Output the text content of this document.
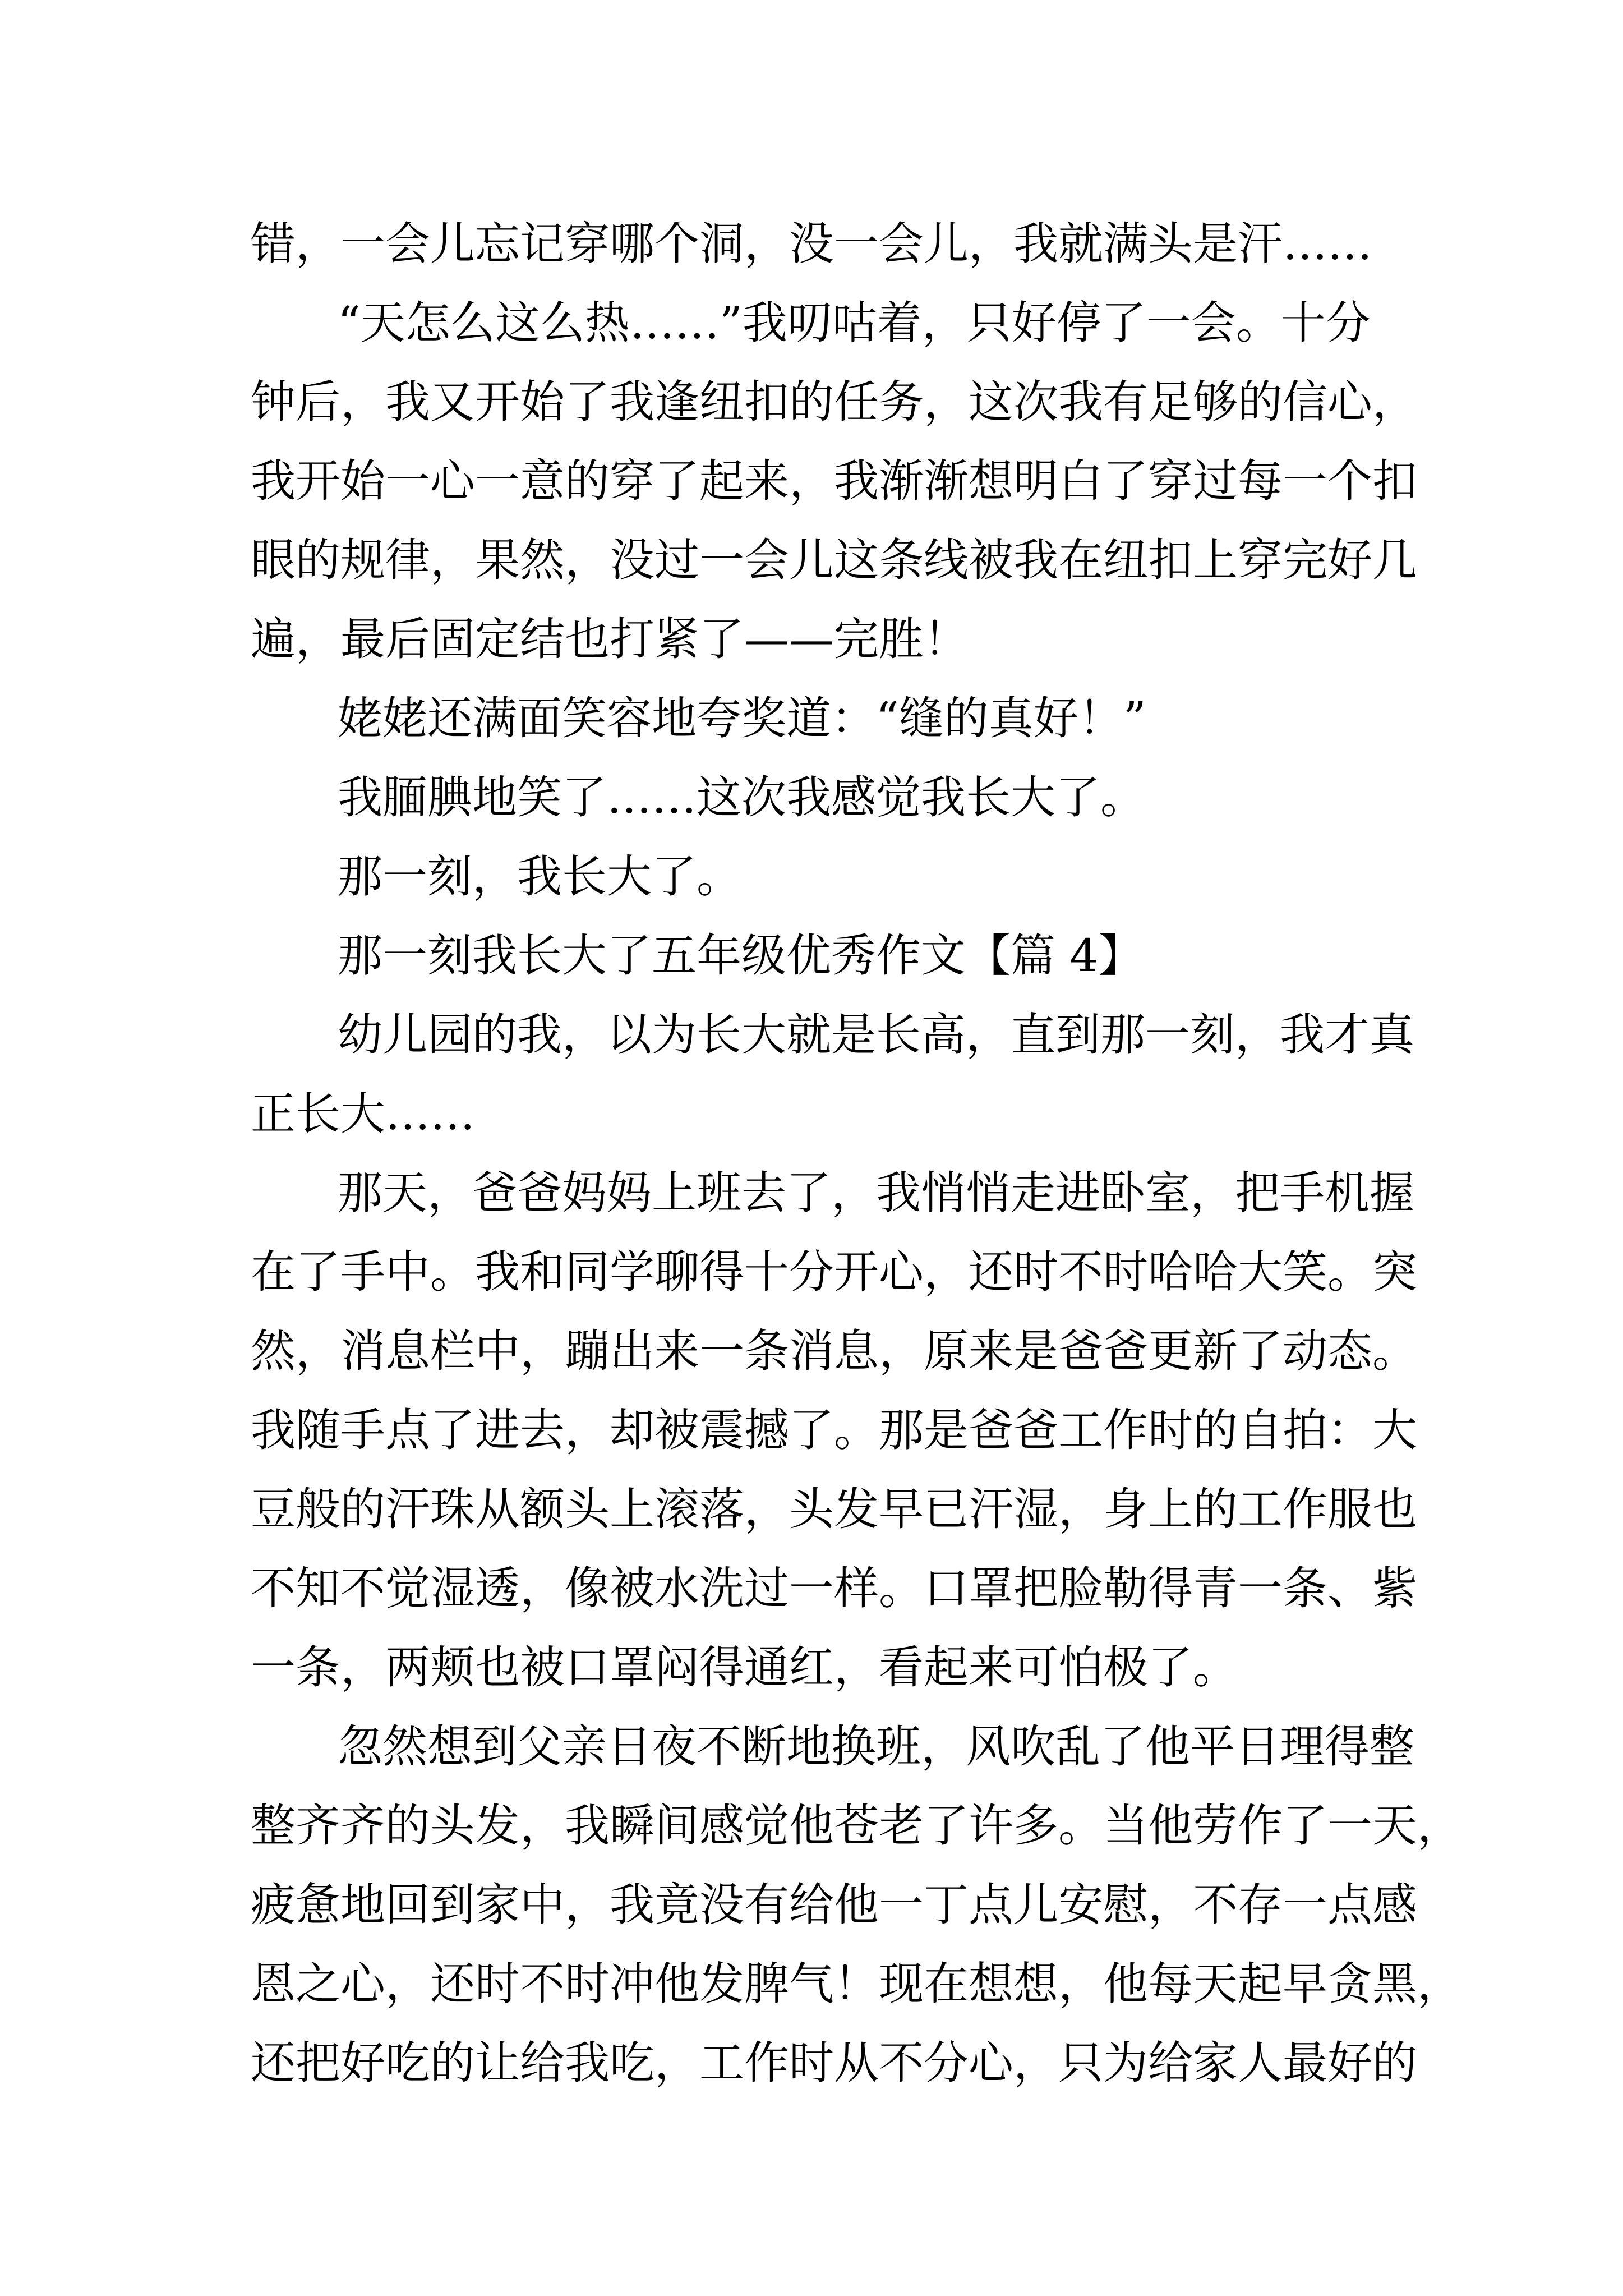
错，一会儿忘记穿哪个洞，没一会儿，我就满头是汗……
“天怎么这么热……”我叨咕着，只好停了一会。十分
钟后，我又开始了我逢纽扣的任务，这次我有足够的信心，
我开始一心一意的穿了起来，我渐渐想明白了穿过每一个扣
眼的规律，果然，没过一会儿这条线被我在纽扣上穿完好几
遍，最后固定结也打紧了——完胜！
姥姥还满面笑容地夸奖道：“缝的真好！”
我腼腆地笑了……这次我感觉我长大了。
那一刻，我长大了。
那一刻我长大了五年级优秀作文【篇 4】
幼儿园的我，以为长大就是长高，直到那一刻，我才真
正长大……
那天，爸爸妈妈上班去了，我悄悄走进卧室，把手机握
在了手中。我和同学聊得十分开心，还时不时哈哈大笑。突
然，消息栏中，蹦出来一条消息，原来是爸爸更新了动态。
我随手点了进去，却被震撼了。那是爸爸工作时的自拍：大
豆般的汗珠从额头上滚落，头发早已汗湿，身上的工作服也
不知不觉湿透，像被水洗过一样。口罩把脸勒得青一条、紫
一条，两颊也被口罩闷得通红，看起来可怕极了。
忽然想到父亲日夜不断地换班，风吹乱了他平日理得整
整齐齐的头发，我瞬间感觉他苍老了许多。当他劳作了一天，
疲惫地回到家中，我竟没有给他一丁点儿安慰，不存一点感
恩之心，还时不时冲他发脾气！现在想想，他每天起早贪黑，
还把好吃的让给我吃，工作时从不分心，只为给家人最好的
